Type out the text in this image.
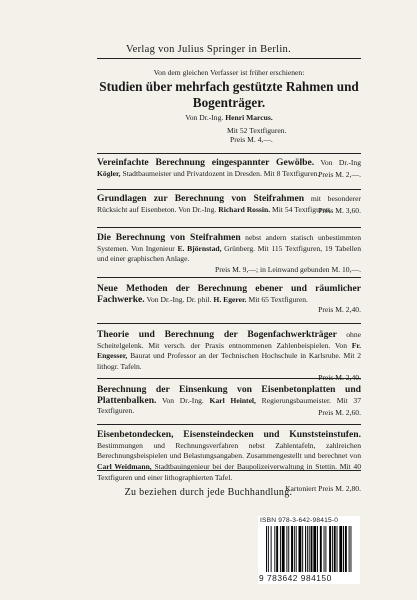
Verlag von Julius Springer in Berlin.

Von dem gleichen Verfasser ist früher erschienen:

Studien über mehrfach gestützte Rahmen und
Bogenträger.

Von Dr.-Ing. Henri Marcus.

Mit 52 Textfiguren.

Preis M. 4,—.

Vereinfachte Berechnung eingespannter Gewölbe. Von Dr.-Ing Kögler, Stadtbaumeister und Privatdozent in Dresden. Mit 8 Textfiguren.

Preis M. 2,—.

Grundlagen zur Berechnung von Steifrahmen mit besonderer Rücksicht auf Eisenbeton. Von Dr.-Ing. Richard Rossin. Mit 54 Textfiguren.

Preis M. 3,60.

Die Berechnung von Steifrahmen nebst andern statisch unbestimmten Systemen. Von Ingenieur E. Björnstad, Grünberg. Mit 115 Textfiguren, 19 Tabellen und einer graphischen Anlage.

Preis M. 9,—; in Leinwand gebunden M. 10,—.

Neue Methoden der Berechnung ebener und räumlicher Fachwerke. Von Dr.-Ing. Dr. phil. H. Egerer. Mit 65 Textfiguren.

Preis M. 2,40.

Theorie und Berechnung der Bogenfachwerkträger ohne Scheitelgelenk. Mit versch. der Praxis entnommenen Zahlenbeispielen. Von Fr. Engesser, Baurat und Professor an der Technischen Hochschule in Karlsruhe. Mit 2 lithogr. Tafeln.

Preis M. 2,40.

Berechnung der Einsenkung von Eisenbetonplatten und Plattenbalken. Von Dr.-Ing. Karl Heintel, Regierungsbaumeister. Mit 37 Textfiguren.	Preis M. 2,60.

Eisenbetondecken, Eisensteindecken und Kunststeinstufen. Bestimmungen und Rechnungsverfahren nebst Zahlentafeln, zahlreichen Berechnungsbeispielen und Belastungsangaben. Zusammengestellt und berechnet von Carl Weidmann, Stadtbauingenieur bei der Baupolizeiverwaltung in Stettin. Mit 40 Textfiguren und einer lithographierten Tafel.

Kartoniert Preis M. 2,80.

Zu beziehen durch jede Buchhandlung.
ISBN 978-3-642-98415-0
9 783642 984150
